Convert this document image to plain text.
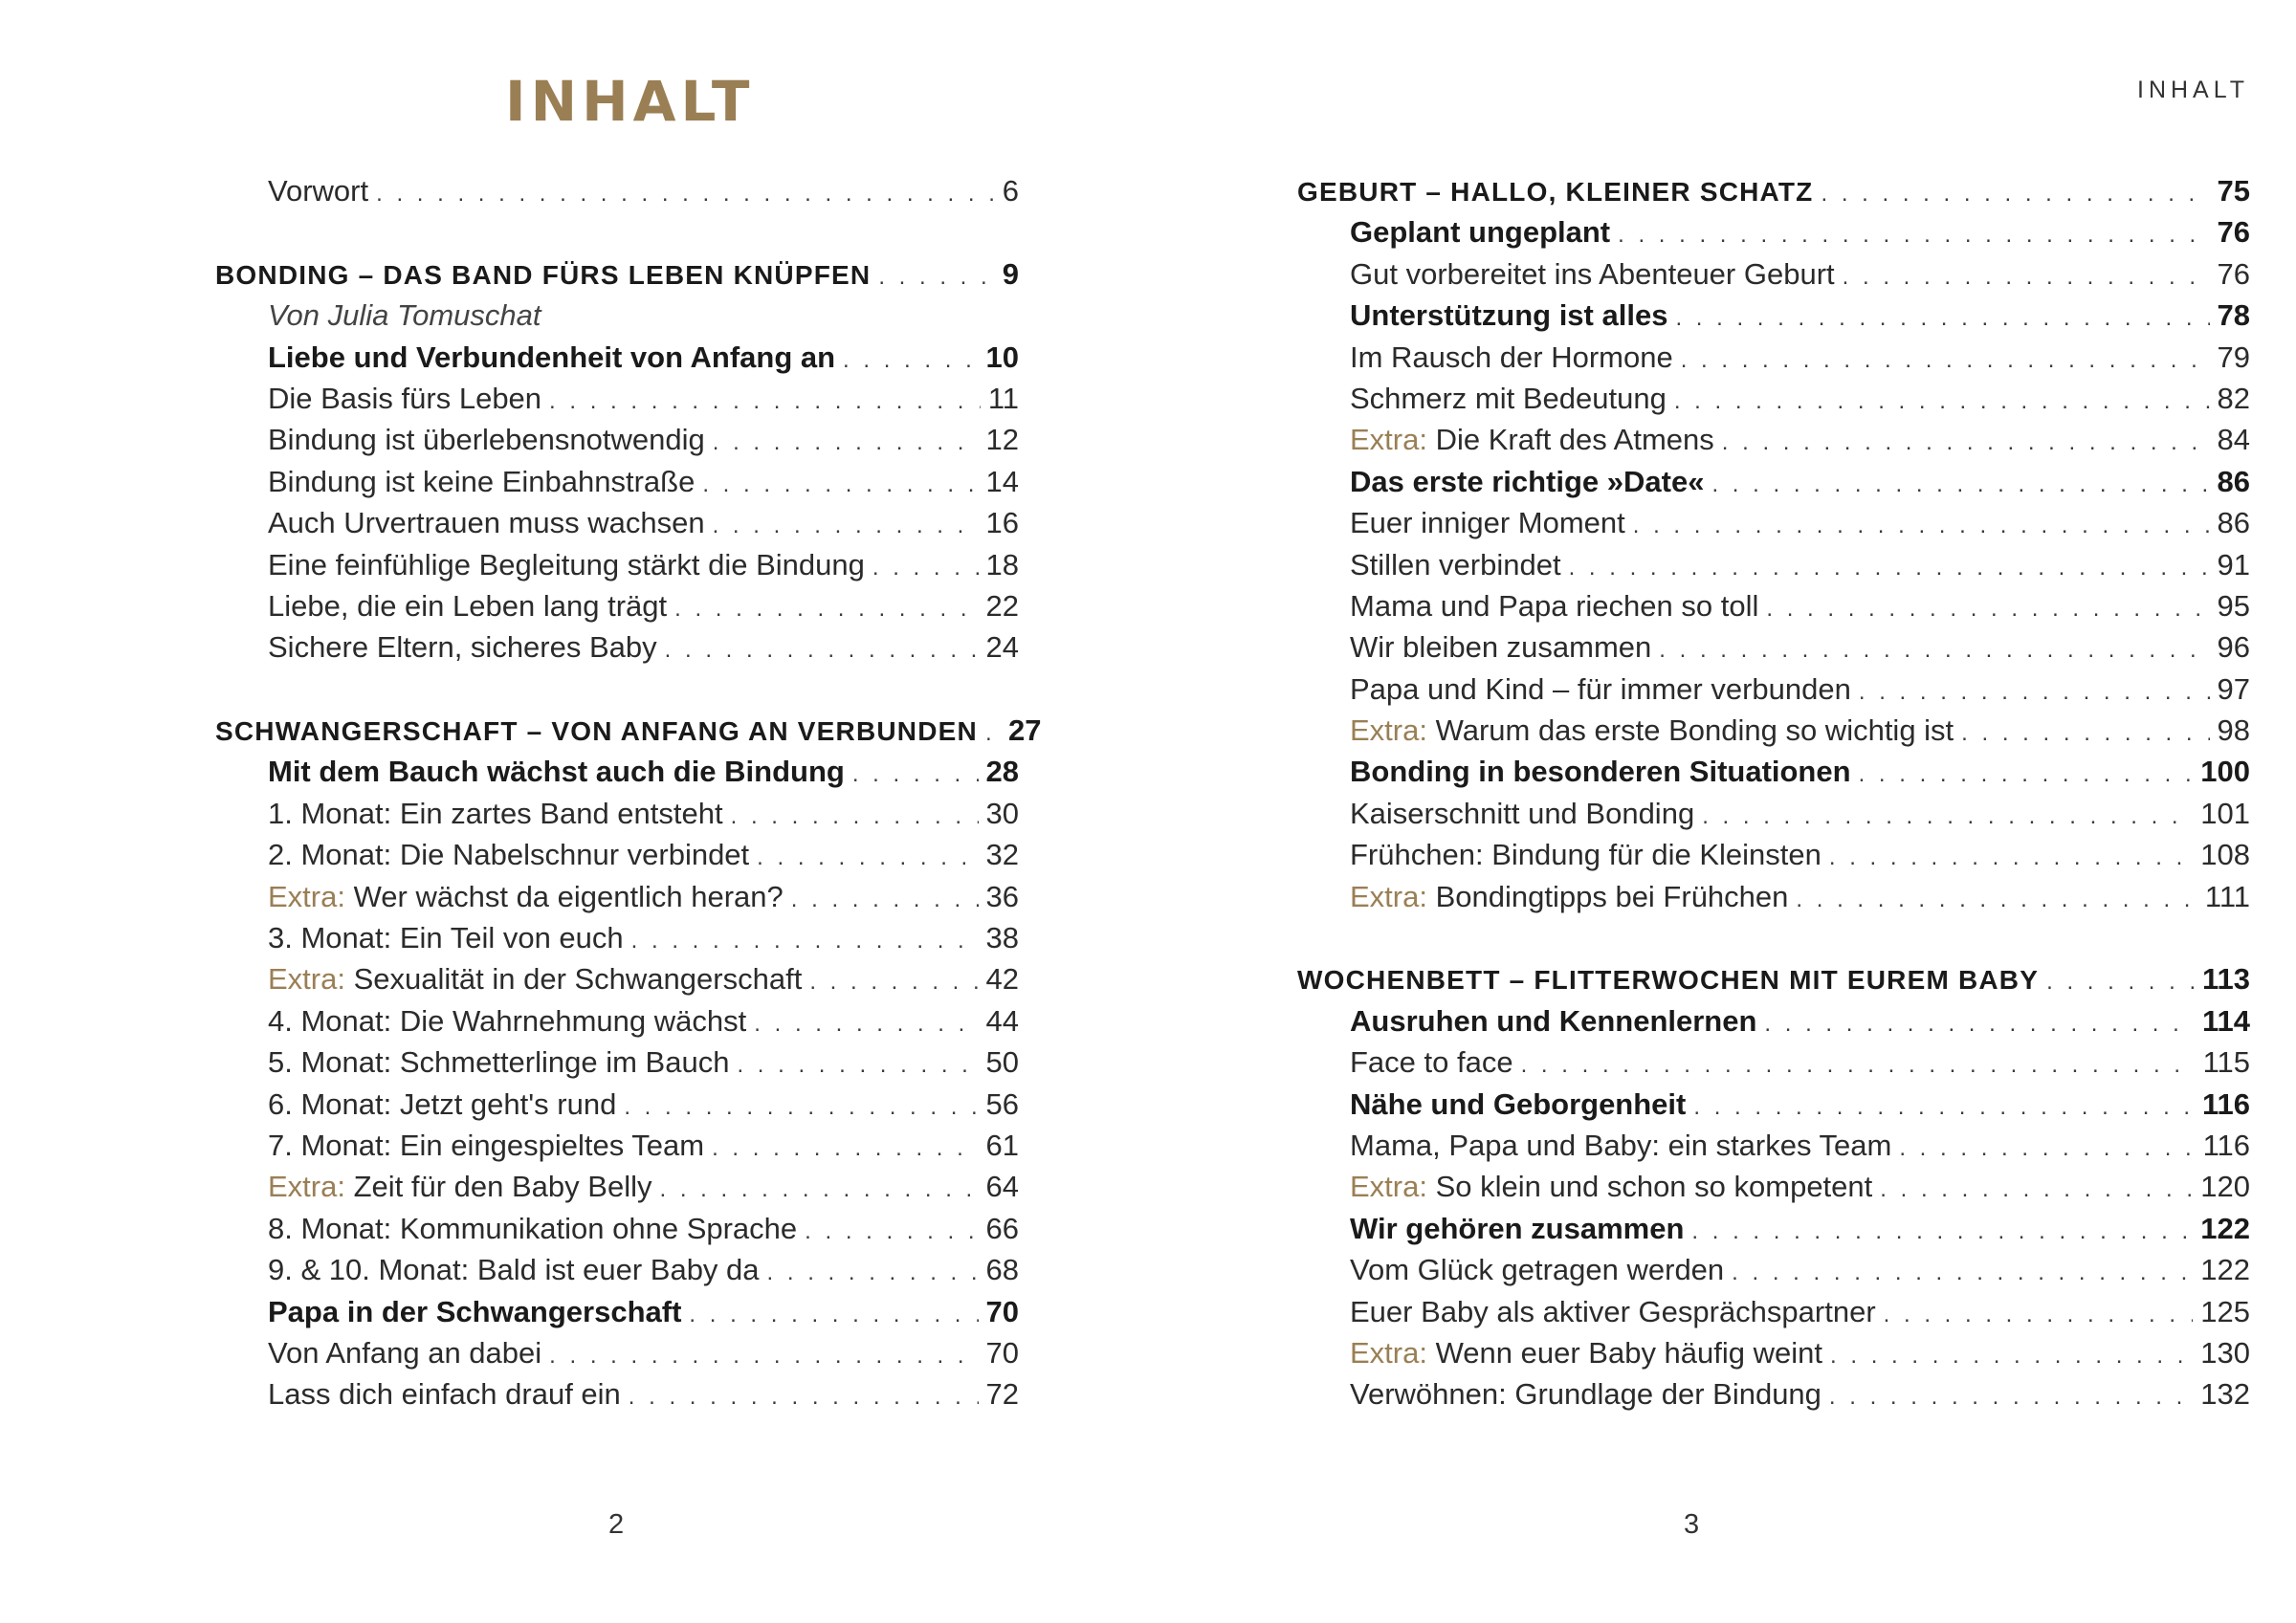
INHALT
Vorwort . . .	6
BONDING – DAS BAND FÜRS LEBEN KNÜPFEN . . .	9
Von Julia Tomuschat
Liebe und Verbundenheit von Anfang an . . .	10
Die Basis fürs Leben . . .	11
Bindung ist überlebensnotwendig . . .	12
Bindung ist keine Einbahnstraße . . .	14
Auch Urvertrauen muss wachsen . . .	16
Eine feinfühlige Begleitung stärkt die Bindung . . .	18
Liebe, die ein Leben lang trägt . . .	22
Sichere Eltern, sicheres Baby . . .	24
SCHWANGERSCHAFT – VON ANFANG AN VERBUNDEN . . . 27
Mit dem Bauch wächst auch die Bindung . . .	28
1. Monat: Ein zartes Band entsteht . . .	30
2. Monat: Die Nabelschnur verbindet . . .	32
Extra: Wer wächst da eigentlich heran? . . .	36
3. Monat: Ein Teil von euch . . .	38
Extra: Sexualität in der Schwangerschaft . . .	42
4. Monat: Die Wahrnehmung wächst . . .	44
5. Monat: Schmetterlinge im Bauch . . .	50
6. Monat: Jetzt geht's rund . . .	56
7. Monat: Ein eingespieltes Team . . .	61
Extra: Zeit für den Baby Belly . . .	64
8. Monat: Kommunikation ohne Sprache . . .	66
9. & 10. Monat: Bald ist euer Baby da . . .	68
Papa in der Schwangerschaft . . .	70
Von Anfang an dabei . . .	70
Lass dich einfach drauf ein . . .	72
2
INHALT
GEBURT – HALLO, KLEINER SCHATZ . . .	75
Geplant ungeplant . . .	76
Gut vorbereitet ins Abenteuer Geburt . . .	76
Unterstützung ist alles . . .	78
Im Rausch der Hormone . . .	79
Schmerz mit Bedeutung . . .	82
Extra: Die Kraft des Atmens . . .	84
Das erste richtige »Date« . . .	86
Euer inniger Moment . . .	86
Stillen verbindet . . .	91
Mama und Papa riechen so toll . . .	95
Wir bleiben zusammen . . .	96
Papa und Kind – für immer verbunden . . .	97
Extra: Warum das erste Bonding so wichtig ist . . .	98
Bonding in besonderen Situationen . . .	100
Kaiserschnitt und Bonding . . .	101
Frühchen: Bindung für die Kleinsten . . .	108
Extra: Bondingtipps bei Frühchen . . .	111
WOCHENBETT – FLITTERWOCHEN MIT EUREM BABY . . .	113
Ausruhen und Kennenlernen . . .	114
Face to face . . .	115
Nähe und Geborgenheit . . .	116
Mama, Papa und Baby: ein starkes Team . . .	116
Extra: So klein und schon so kompetent . . .	120
Wir gehören zusammen . . .	122
Vom Glück getragen werden . . .	122
Euer Baby als aktiver Gesprächspartner . . .	125
Extra: Wenn euer Baby häufig weint . . .	130
Verwöhnen: Grundlage der Bindung . . .	132
3
